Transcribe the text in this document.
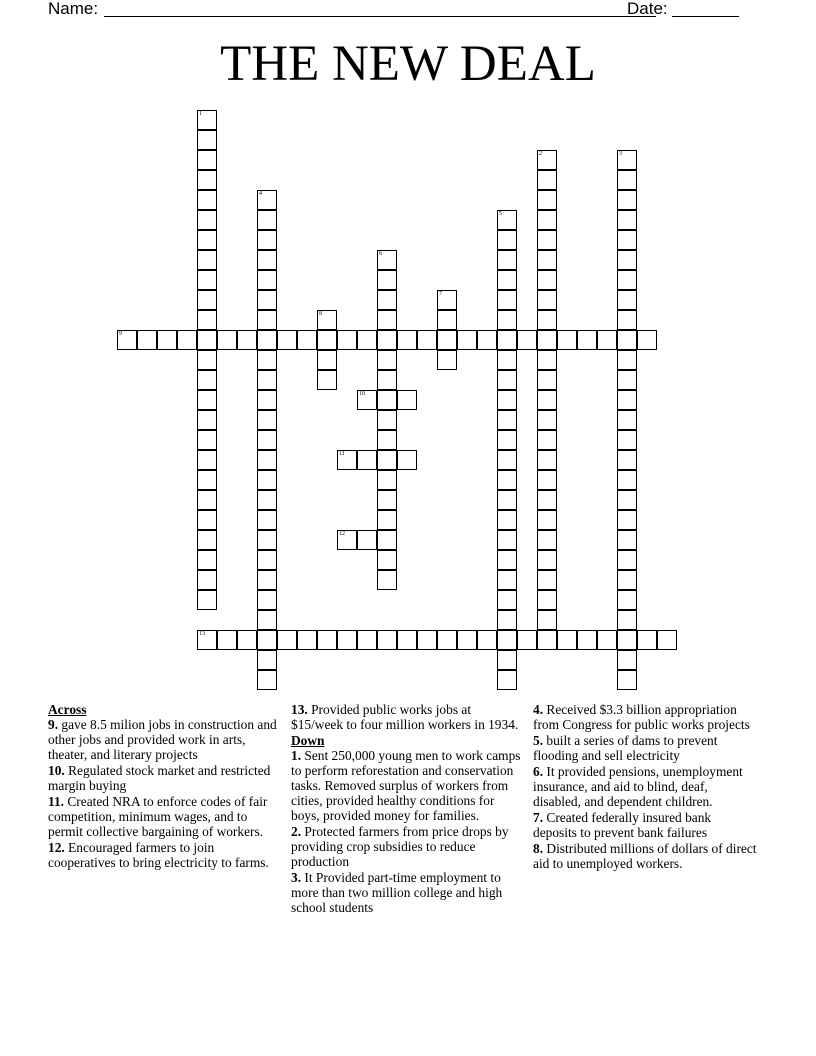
Name:	Date:
THE NEW DEAL
1
2	3
4
5
6
7
8
9
10
11
12
13
Across
9. gave 8.5 milion jobs in construction and other jobs and provided work in arts, theater, and literary projects
10. Regulated stock market and restricted margin buying
11. Created NRA to enforce codes of fair competition, minimum wages, and to permit collective bargaining of workers.
12. Encouraged farmers to join cooperatives to bring electricity to farms.
13. Provided public works jobs at $15/week to four million workers in 1934.
Down
1. Sent 250,000 young men to work camps to perform reforestation and conservation tasks. Removed surplus of workers from cities, provided healthy conditions for boys, provided money for families.
2. Protected farmers from price drops by providing crop subsidies to reduce production
3. It Provided part-time employment to more than two million college and high school students
4. Received $3.3 billion appropriation from Congress for public works projects
5. built a series of dams to prevent flooding and sell electricity
6. It provided pensions, unemployment insurance, and aid to blind, deaf, disabled, and dependent children.
7. Created federally insured bank deposits to prevent bank failures
8. Distributed millions of dollars of direct aid to unemployed workers.
